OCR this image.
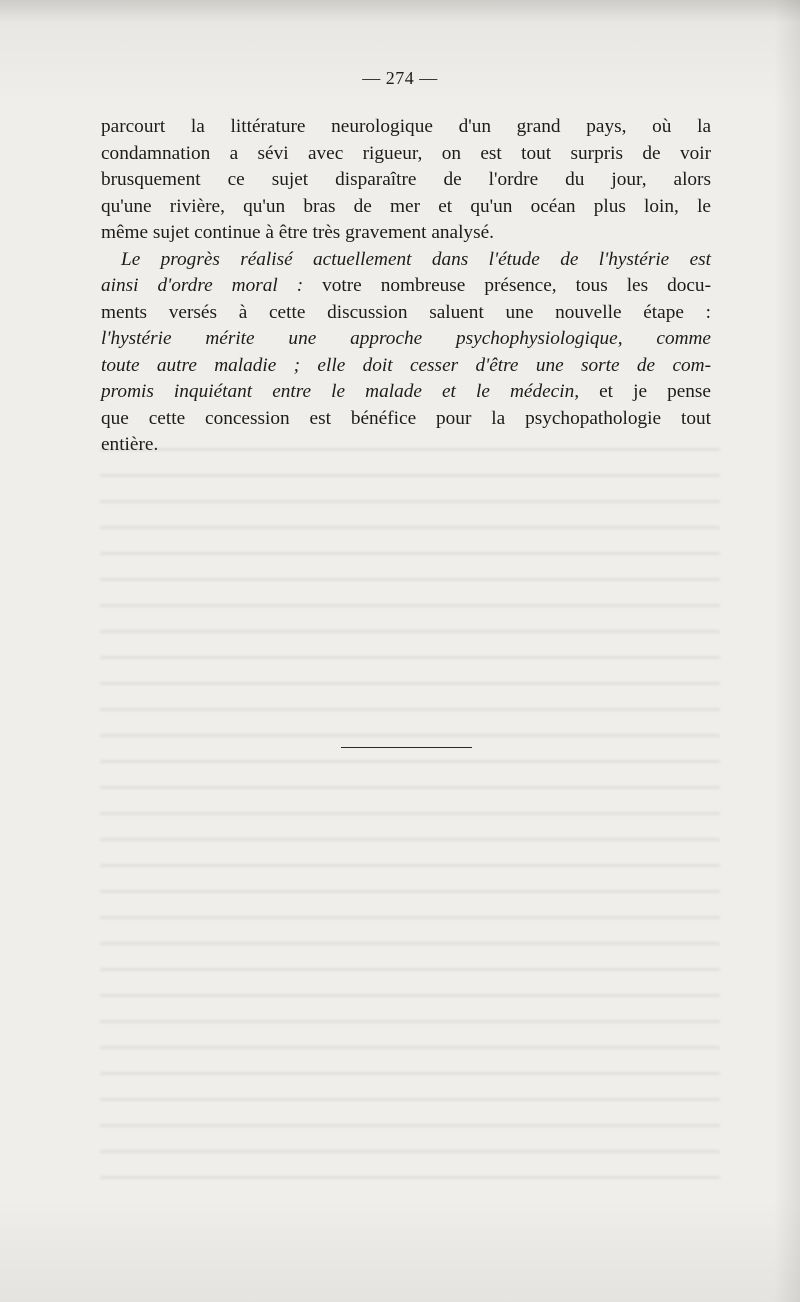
— 274 —
parcourt la littérature neurologique d'un grand pays, où la
condamnation a sévi avec rigueur, on est tout surpris de voir
brusquement ce sujet disparaître de l'ordre du jour, alors
qu'une rivière, qu'un bras de mer et qu'un océan plus loin, le
même sujet continue à être très gravement analysé.
Le progrès réalisé actuellement dans l'étude de l'hystérie est
ainsi d'ordre moral : votre nombreuse présence, tous les docu-
ments versés à cette discussion saluent une nouvelle étape :
l'hystérie mérite une approche psychophysiologique, comme
toute autre maladie ; elle doit cesser d'être une sorte de com-
promis inquiétant entre le malade et le médecin, et je pense
que cette concession est bénéfice pour la psychopathologie tout
entière.
